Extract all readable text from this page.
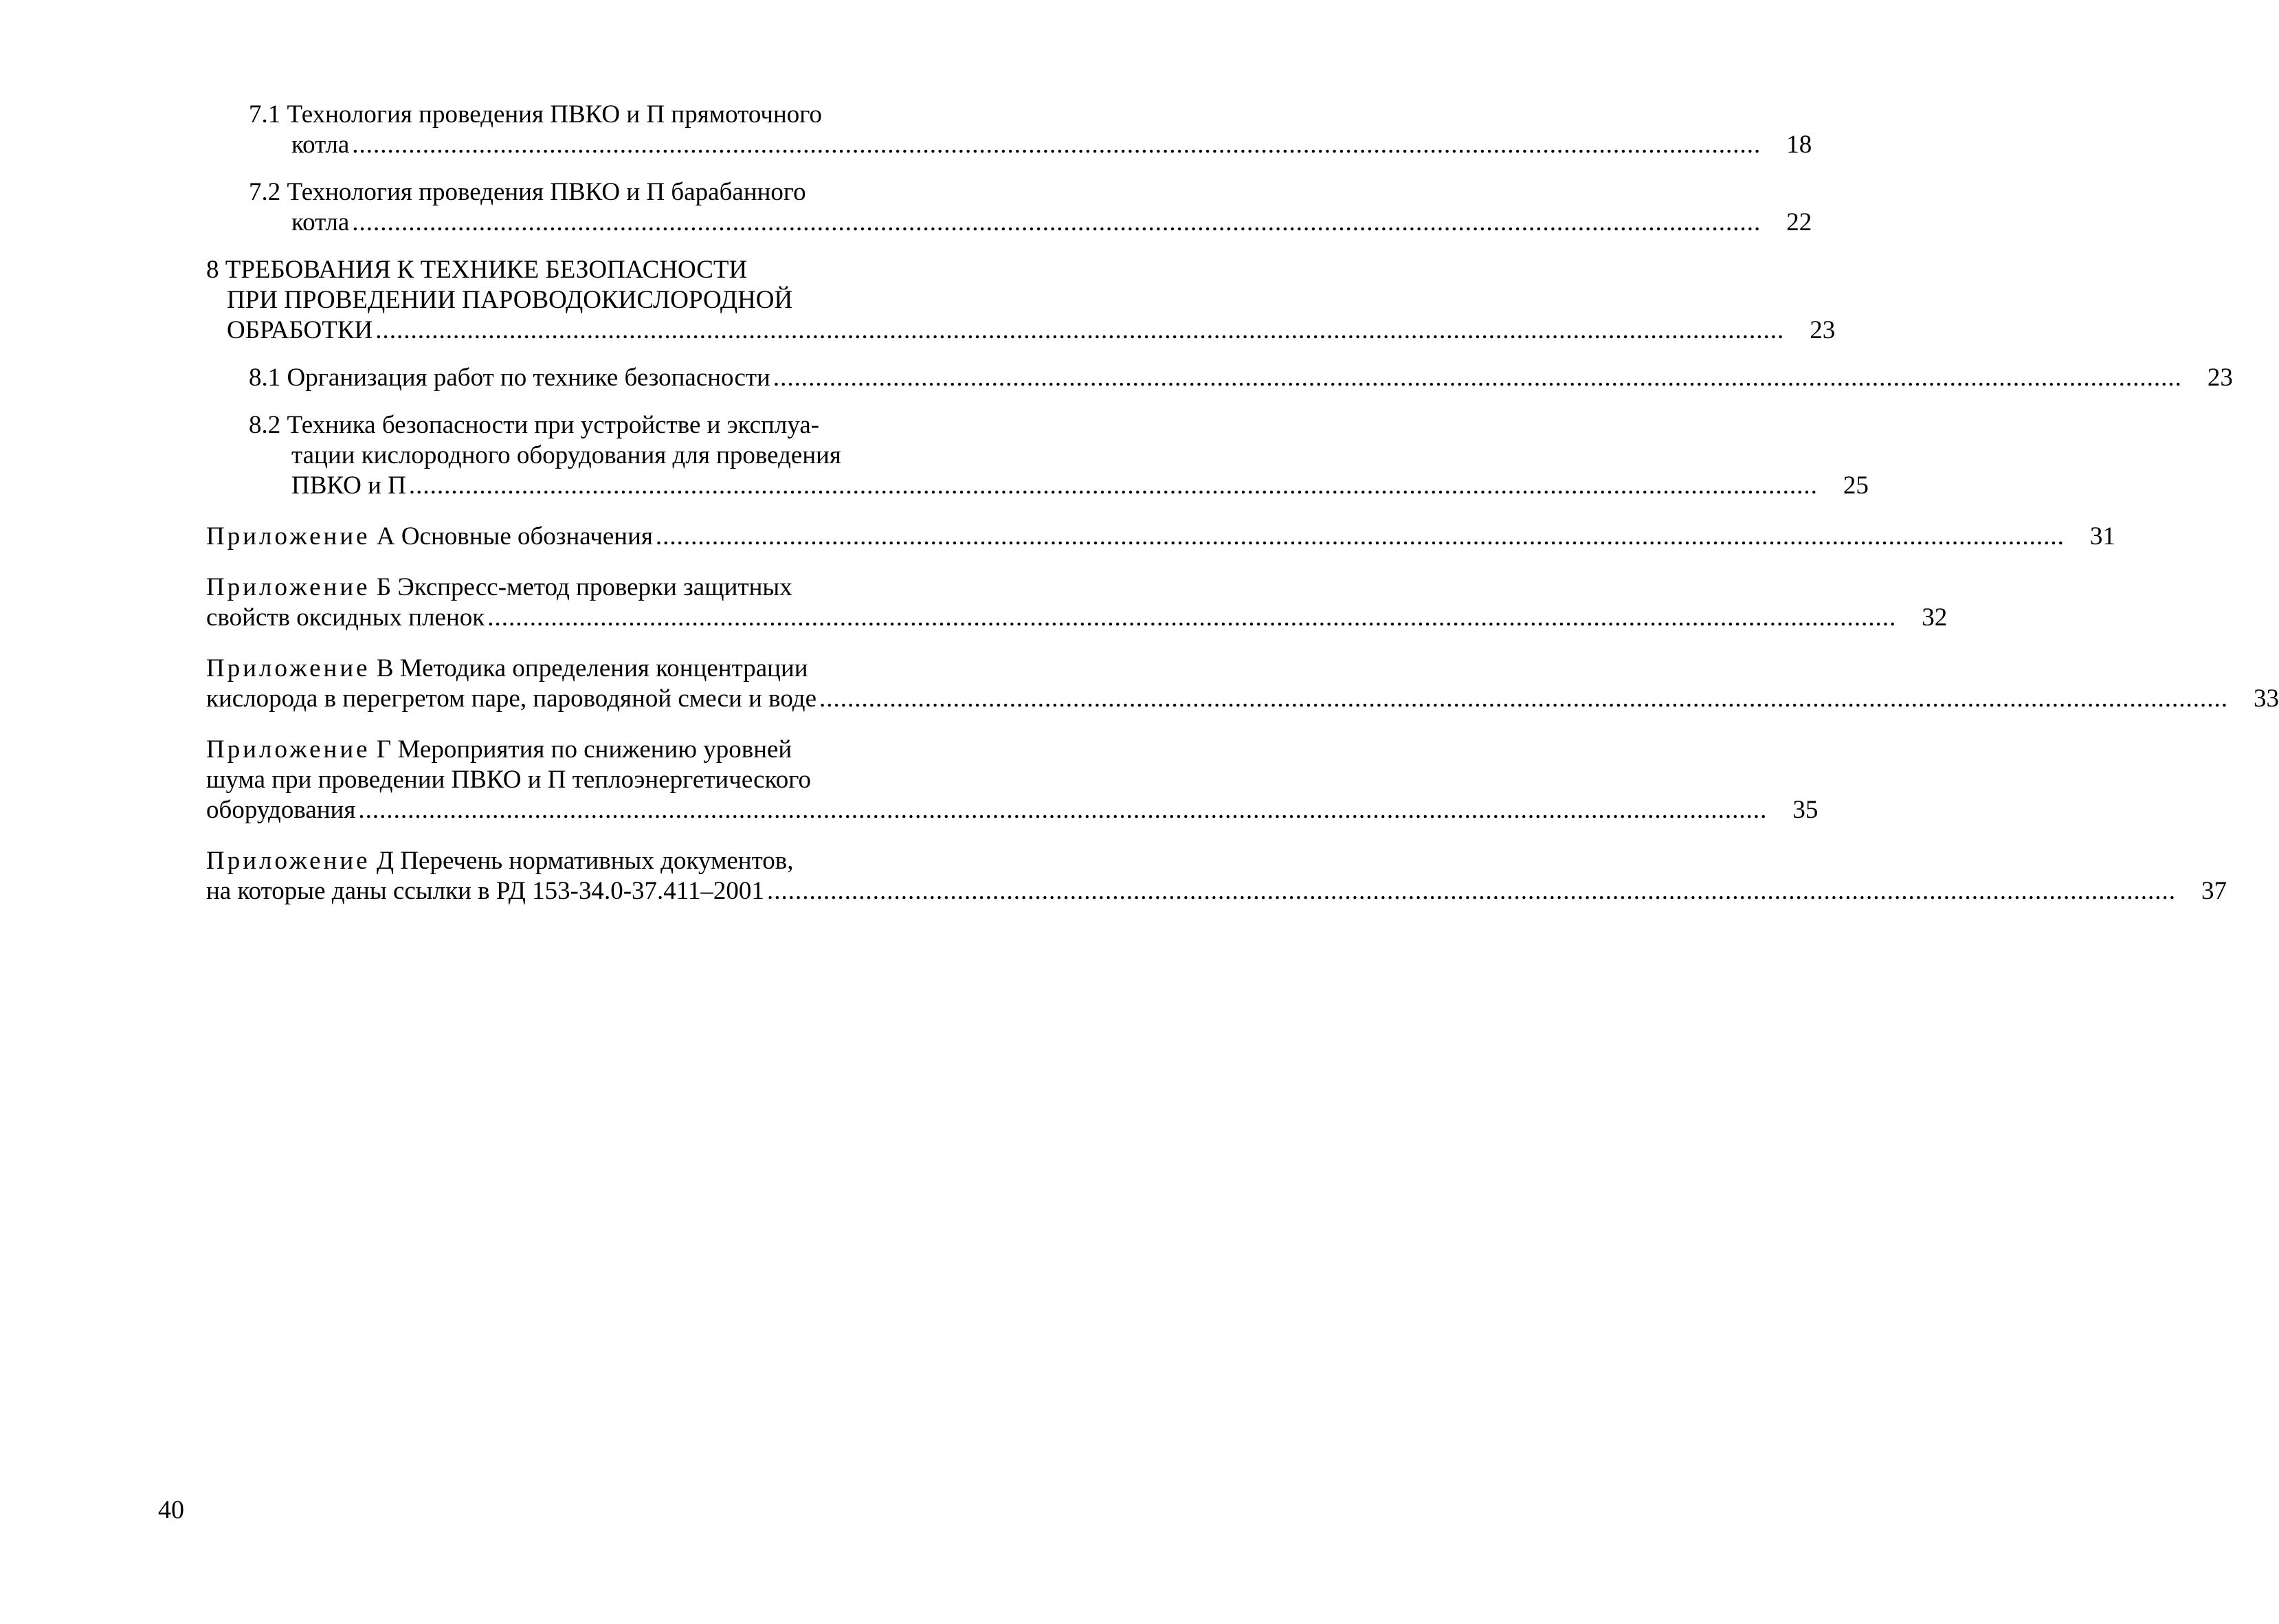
7.1 Технология проведения ПВКО и П прямоточного
котла ........................................................................................................................................................................................................	18
7.2 Технология проведения ПВКО и П барабанного
котла ........................................................................................................................................................................................................	22
8 ТРЕБОВАНИЯ К ТЕХНИКЕ БЕЗОПАСНОСТИ
ПРИ ПРОВЕДЕНИИ ПАРОВОДОКИСЛОРОДНОЙ
ОБРАБОТКИ ........................................................................................................................................................................................................	23
8.1 Организация работ по технике безопасности ........................................................................................................................................................................................................	23
8.2 Техника безопасности при устройстве и эксплуа-
тации кислородного оборудования для проведения
ПВКО и П ........................................................................................................................................................................................................	25
Приложение А Основные обозначения ........................................................................................................................................................................................................	31
Приложение Б Экспресс-метод проверки защитных
свойств оксидных пленок ........................................................................................................................................................................................................	32
Приложение В Методика определения концентрации
кислорода в перегретом паре, пароводяной смеси и воде ........................................................................................................................................................................................................	33
Приложение Г Мероприятия по снижению уровней
шума при проведении ПВКО и П теплоэнергетического
оборудования ........................................................................................................................................................................................................	35
Приложение Д Перечень нормативных документов,
на которые даны ссылки в РД 153-34.0-37.411–2001 ........................................................................................................................................................................................................	37
40
